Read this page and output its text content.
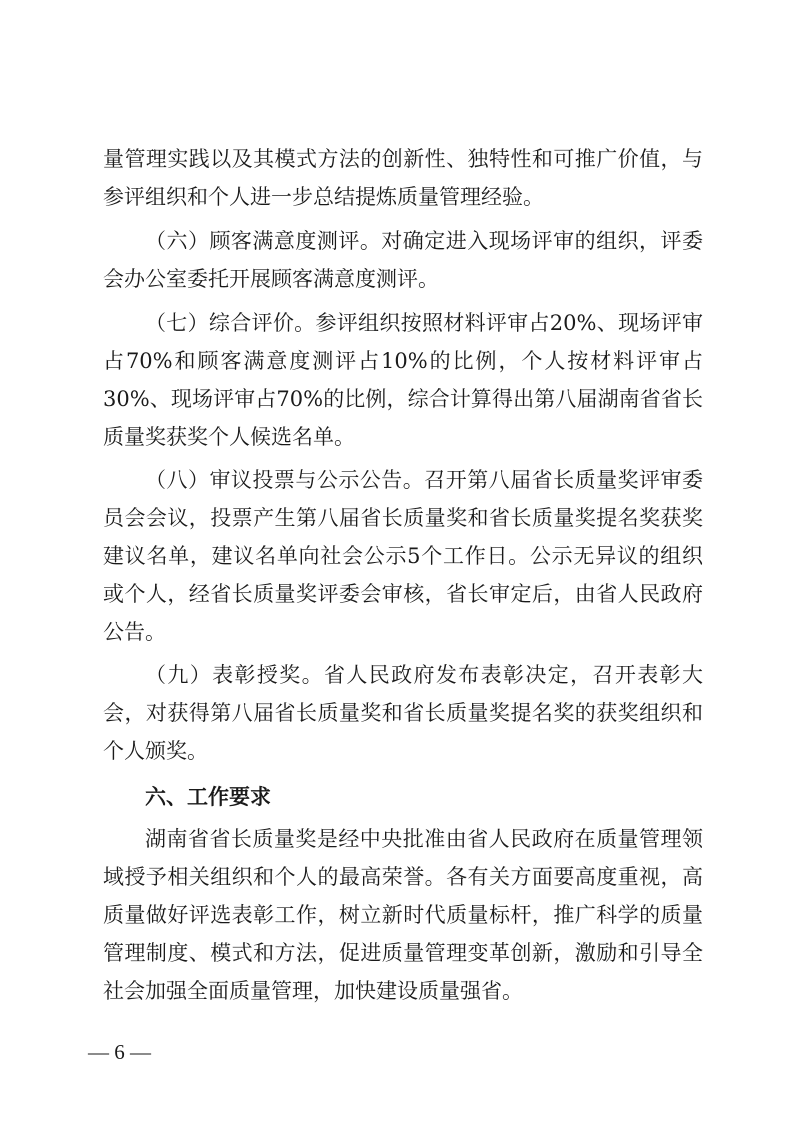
量管理实践以及其模式方法的创新性、独特性和可推广价值，与
参评组织和个人进一步总结提炼质量管理经验。
（六）顾客满意度测评。对确定进入现场评审的组织，评委
会办公室委托开展顾客满意度测评。
（七）综合评价。参评组织按照材料评审占20%、现场评审
占70%和顾客满意度测评占10%的比例，个人按材料评审占
30%、现场评审占70%的比例，综合计算得出第八届湖南省省长
质量奖获奖个人候选名单。
（八）审议投票与公示公告。召开第八届省长质量奖评审委
员会会议，投票产生第八届省长质量奖和省长质量奖提名奖获奖
建议名单，建议名单向社会公示5个工作日。公示无异议的组织
或个人，经省长质量奖评委会审核，省长审定后，由省人民政府
公告。
（九）表彰授奖。省人民政府发布表彰决定，召开表彰大
会，对获得第八届省长质量奖和省长质量奖提名奖的获奖组织和
个人颁奖。
六、工作要求
湖南省省长质量奖是经中央批准由省人民政府在质量管理领
域授予相关组织和个人的最高荣誉。各有关方面要高度重视，高
质量做好评选表彰工作，树立新时代质量标杆，推广科学的质量
管理制度、模式和方法，促进质量管理变革创新，激励和引导全
社会加强全面质量管理，加快建设质量强省。
— 6 —
